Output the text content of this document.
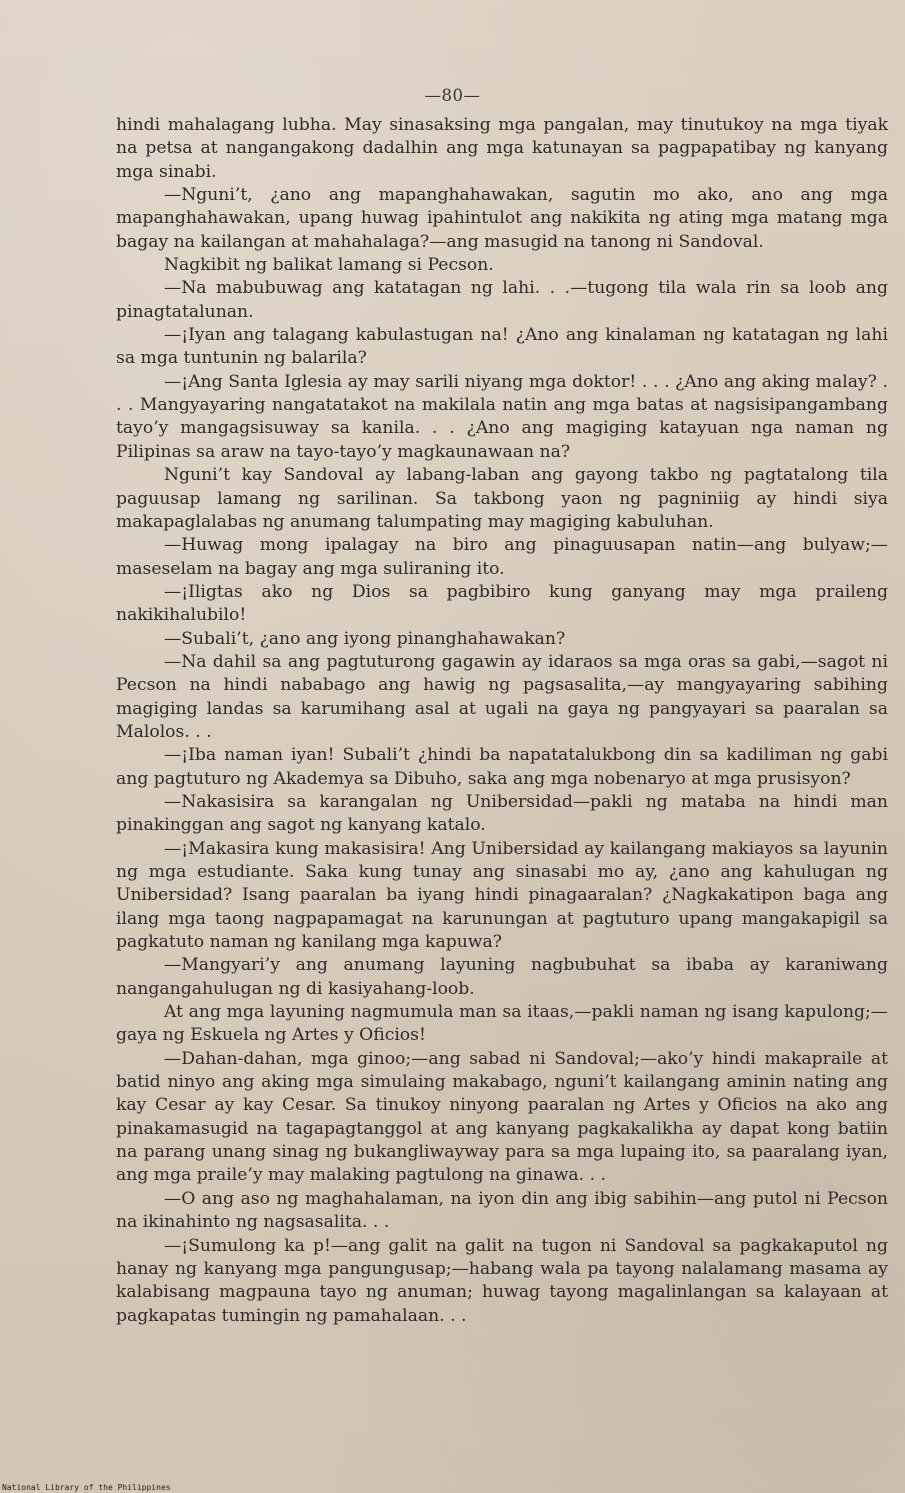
—80—

hindi mahalagang lubha. May sinasaksing mga pangalan, may tinutukoy na mga tiyak na petsa at nangangakong dadalhin ang mga katunayan sa pagpapatibay ng kanyang mga sinabi.

—Nguni’t, ¿ano ang mapanghahawakan, sagutin mo ako, ano ang mga mapanghahawakan, upang huwag ipahintulot ang nakikita ng ating mga matang mga bagay na kailangan at mahahalaga?—ang masugid na tanong ni Sandoval.

Nagkibit ng balikat lamang si Pecson.

—Na mabubuwag ang katatagan ng lahi. . .—tugong tila wala rin sa loob ang pinagtatalunan.

—¡Iyan ang talagang kabulastugan na! ¿Ano ang kinalaman ng katatagan ng lahi sa mga tuntunin ng balarila?

—¡Ang Santa Iglesia ay may sarili niyang mga doktor! . . . ¿Ano ang aking malay? . . . Mangyayaring nangatatakot na makilala natin ang mga batas at nagsisipangambang tayo’y mangagsisuway sa kanila. . . ¿Ano ang magiging katayuan nga naman ng Pilipinas sa araw na tayo-tayo’y magkaunawaan na?

Nguni’t kay Sandoval ay labang-laban ang gayong takbo ng pagtatalong tila paguusap lamang ng sarilinan. Sa takbong yaon ng pagniniig ay hindi siya makapaglalabas ng anumang talumpating may magiging kabuluhan.

—Huwag mong ipalagay na biro ang pinaguusapan natin—ang bulyaw;—maseselam na bagay ang mga suliraning ito.

—¡Iligtas ako ng Dios sa pagbibiro kung ganyang may mga praileng nakikihalubilo!

—Subali’t, ¿ano ang iyong pinanghahawakan?

—Na dahil sa ang pagtuturong gagawin ay idaraos sa mga oras sa gabi,—sagot ni Pecson na hindi nababago ang hawig ng pagsasalita,—ay mangyayaring sabihing magiging landas sa karumihang asal at ugali na gaya ng pangyayari sa paaralan sa Malolos. . .

—¡Iba naman iyan! Subali’t ¿hindi ba napatatalukbong din sa kadiliman ng gabi ang pagtuturo ng Akademya sa Dibuho, saka ang mga nobenaryo at mga prusisyon?

—Nakasisira sa karangalan ng Unibersidad—pakli ng mataba na hindi man pinakinggan ang sagot ng kanyang katalo.

—¡Makasira kung makasisira! Ang Unibersidad ay kailangang makiayos sa layunin ng mga estudiante. Saka kung tunay ang sinasabi mo ay, ¿ano ang kahulugan ng Unibersidad? Isang paaralan ba iyang hindi pinagaaralan? ¿Nagkakatipon baga ang ilang mga taong nagpapamagat na karunungan at pagtuturo upang mangakapigil sa pagkatuto naman ng kanilang mga kapuwa?

—Mangyari’y ang anumang layuning nagbubuhat sa ibaba ay karaniwang nangangahulugan ng di kasiyahang-loob.

At ang mga layuning nagmumula man sa itaas,—pakli naman ng isang kapulong;—gaya ng Eskuela ng Artes y Oficios!

—Dahan-dahan, mga ginoo;—ang sabad ni Sandoval;—ako’y hindi makapraile at batid ninyo ang aking mga simulaing makabago, nguni’t kailangang aminin nating ang kay Cesar ay kay Cesar. Sa tinukoy ninyong paaralan ng Artes y Oficios na ako ang pinakamasugid na tagapagtanggol at ang kanyang pagkakalikha ay dapat kong batiin na parang unang sinag ng bukangliwayway para sa mga lupaing ito, sa paaralang iyan, ang mga praile’y may malaking pagtulong na ginawa. . .

—O ang aso ng maghahalaman, na iyon din ang ibig sabihin—ang putol ni Pecson na ikinahinto ng nagsasalita. . .

—¡Sumulong ka p!—ang galit na galit na tugon ni Sandoval sa pagkakaputol ng hanay ng kanyang mga pangungusap;—habang wala pa tayong nalalamang masama ay kalabisang magpauna tayo ng anuman; huwag tayong magalinlangan sa kalayaan at pagkapatas tumingin ng pamahalaan. . .

National Library of the Philippines
